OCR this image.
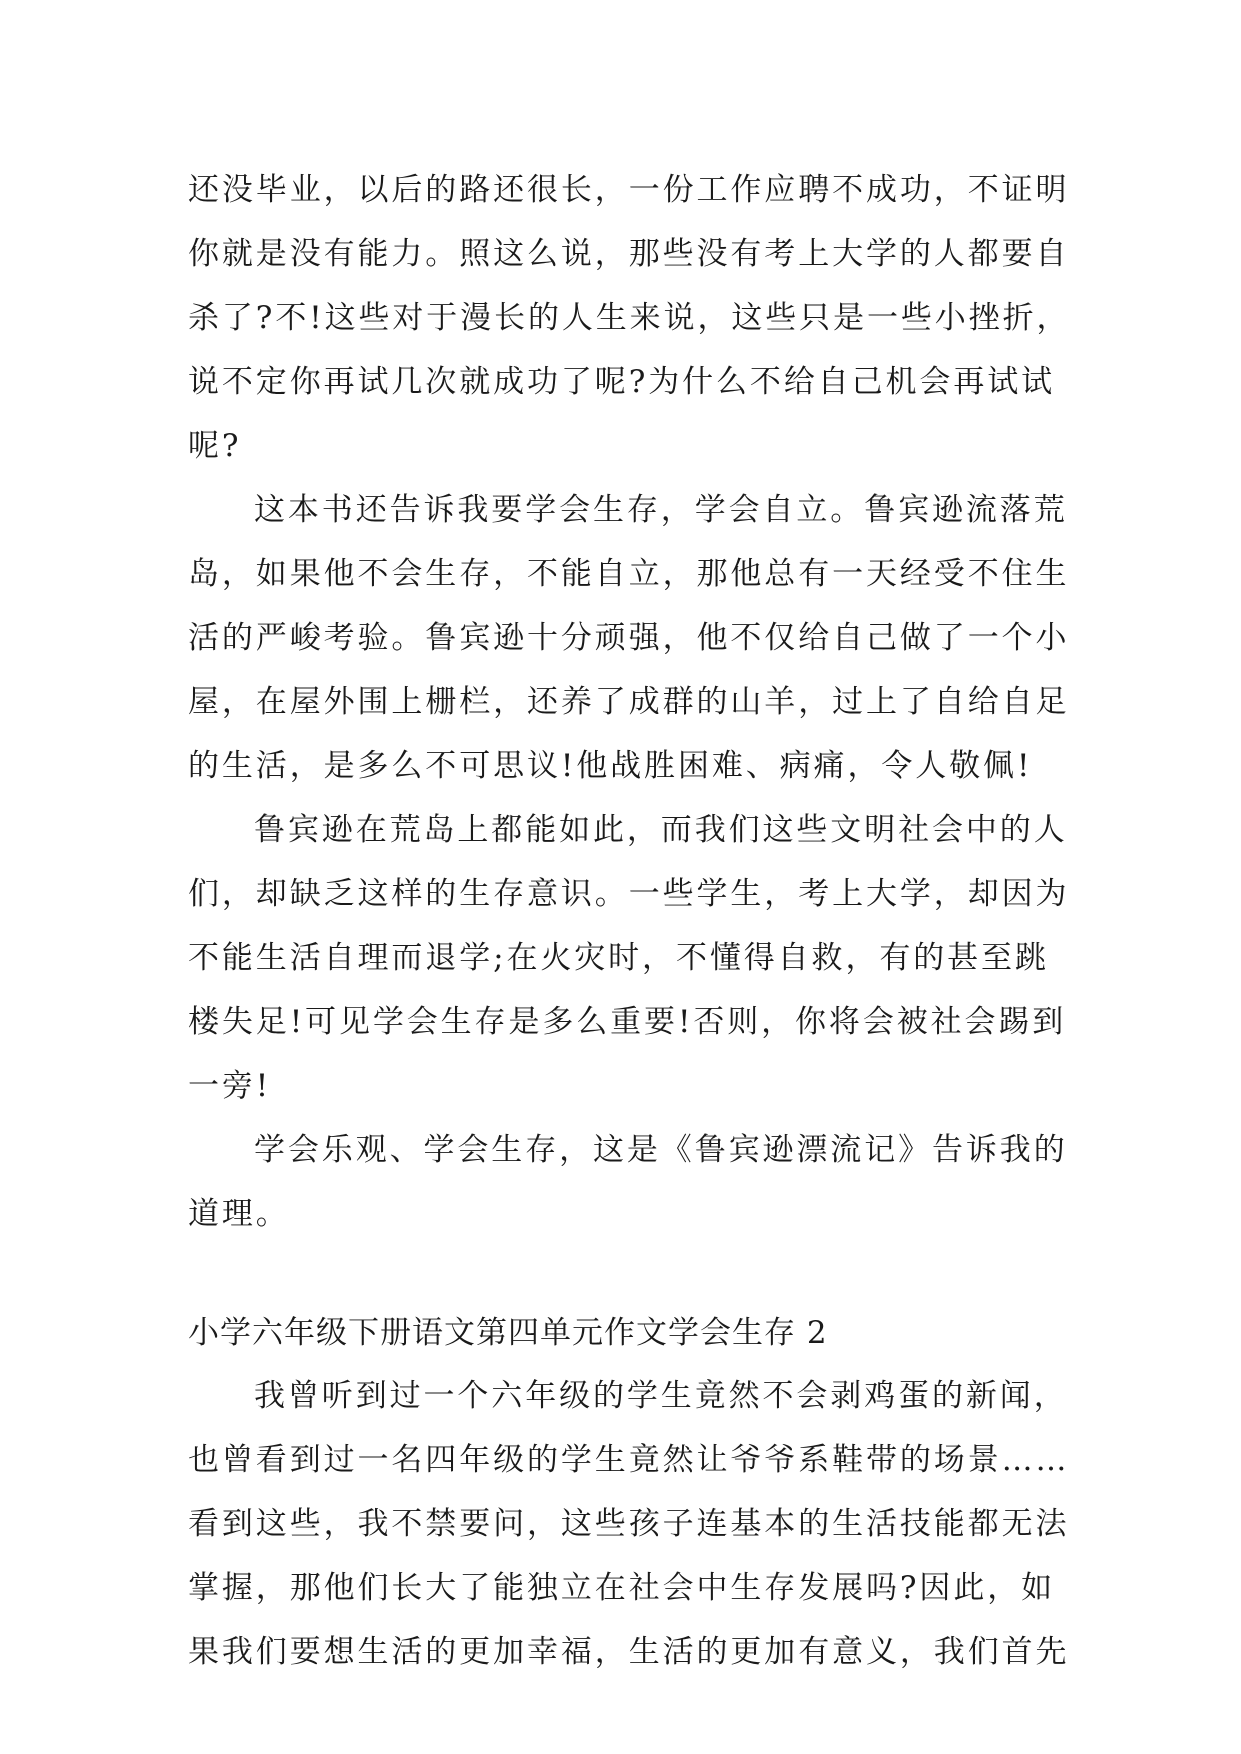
还没毕业，以后的路还很长，一份工作应聘不成功，不证明
你就是没有能力。照这么说，那些没有考上大学的人都要自
杀了?不!这些对于漫长的人生来说，这些只是一些小挫折，
说不定你再试几次就成功了呢?为什么不给自己机会再试试
呢?
这本书还告诉我要学会生存，学会自立。鲁宾逊流落荒
岛，如果他不会生存，不能自立，那他总有一天经受不住生
活的严峻考验。鲁宾逊十分顽强，他不仅给自己做了一个小
屋，在屋外围上栅栏，还养了成群的山羊，过上了自给自足
的生活，是多么不可思议!他战胜困难、病痛，令人敬佩!
鲁宾逊在荒岛上都能如此，而我们这些文明社会中的人
们，却缺乏这样的生存意识。一些学生，考上大学，却因为
不能生活自理而退学;在火灾时，不懂得自救，有的甚至跳
楼失足!可见学会生存是多么重要!否则，你将会被社会踢到
一旁!
学会乐观、学会生存，这是《鲁宾逊漂流记》告诉我的
道理。
小学六年级下册语文第四单元作文学会生存 2
我曾听到过一个六年级的学生竟然不会剥鸡蛋的新闻，
也曾看到过一名四年级的学生竟然让爷爷系鞋带的场景……
看到这些，我不禁要问，这些孩子连基本的生活技能都无法
掌握，那他们长大了能独立在社会中生存发展吗?因此，如
果我们要想生活的更加幸福，生活的更加有意义，我们首先
